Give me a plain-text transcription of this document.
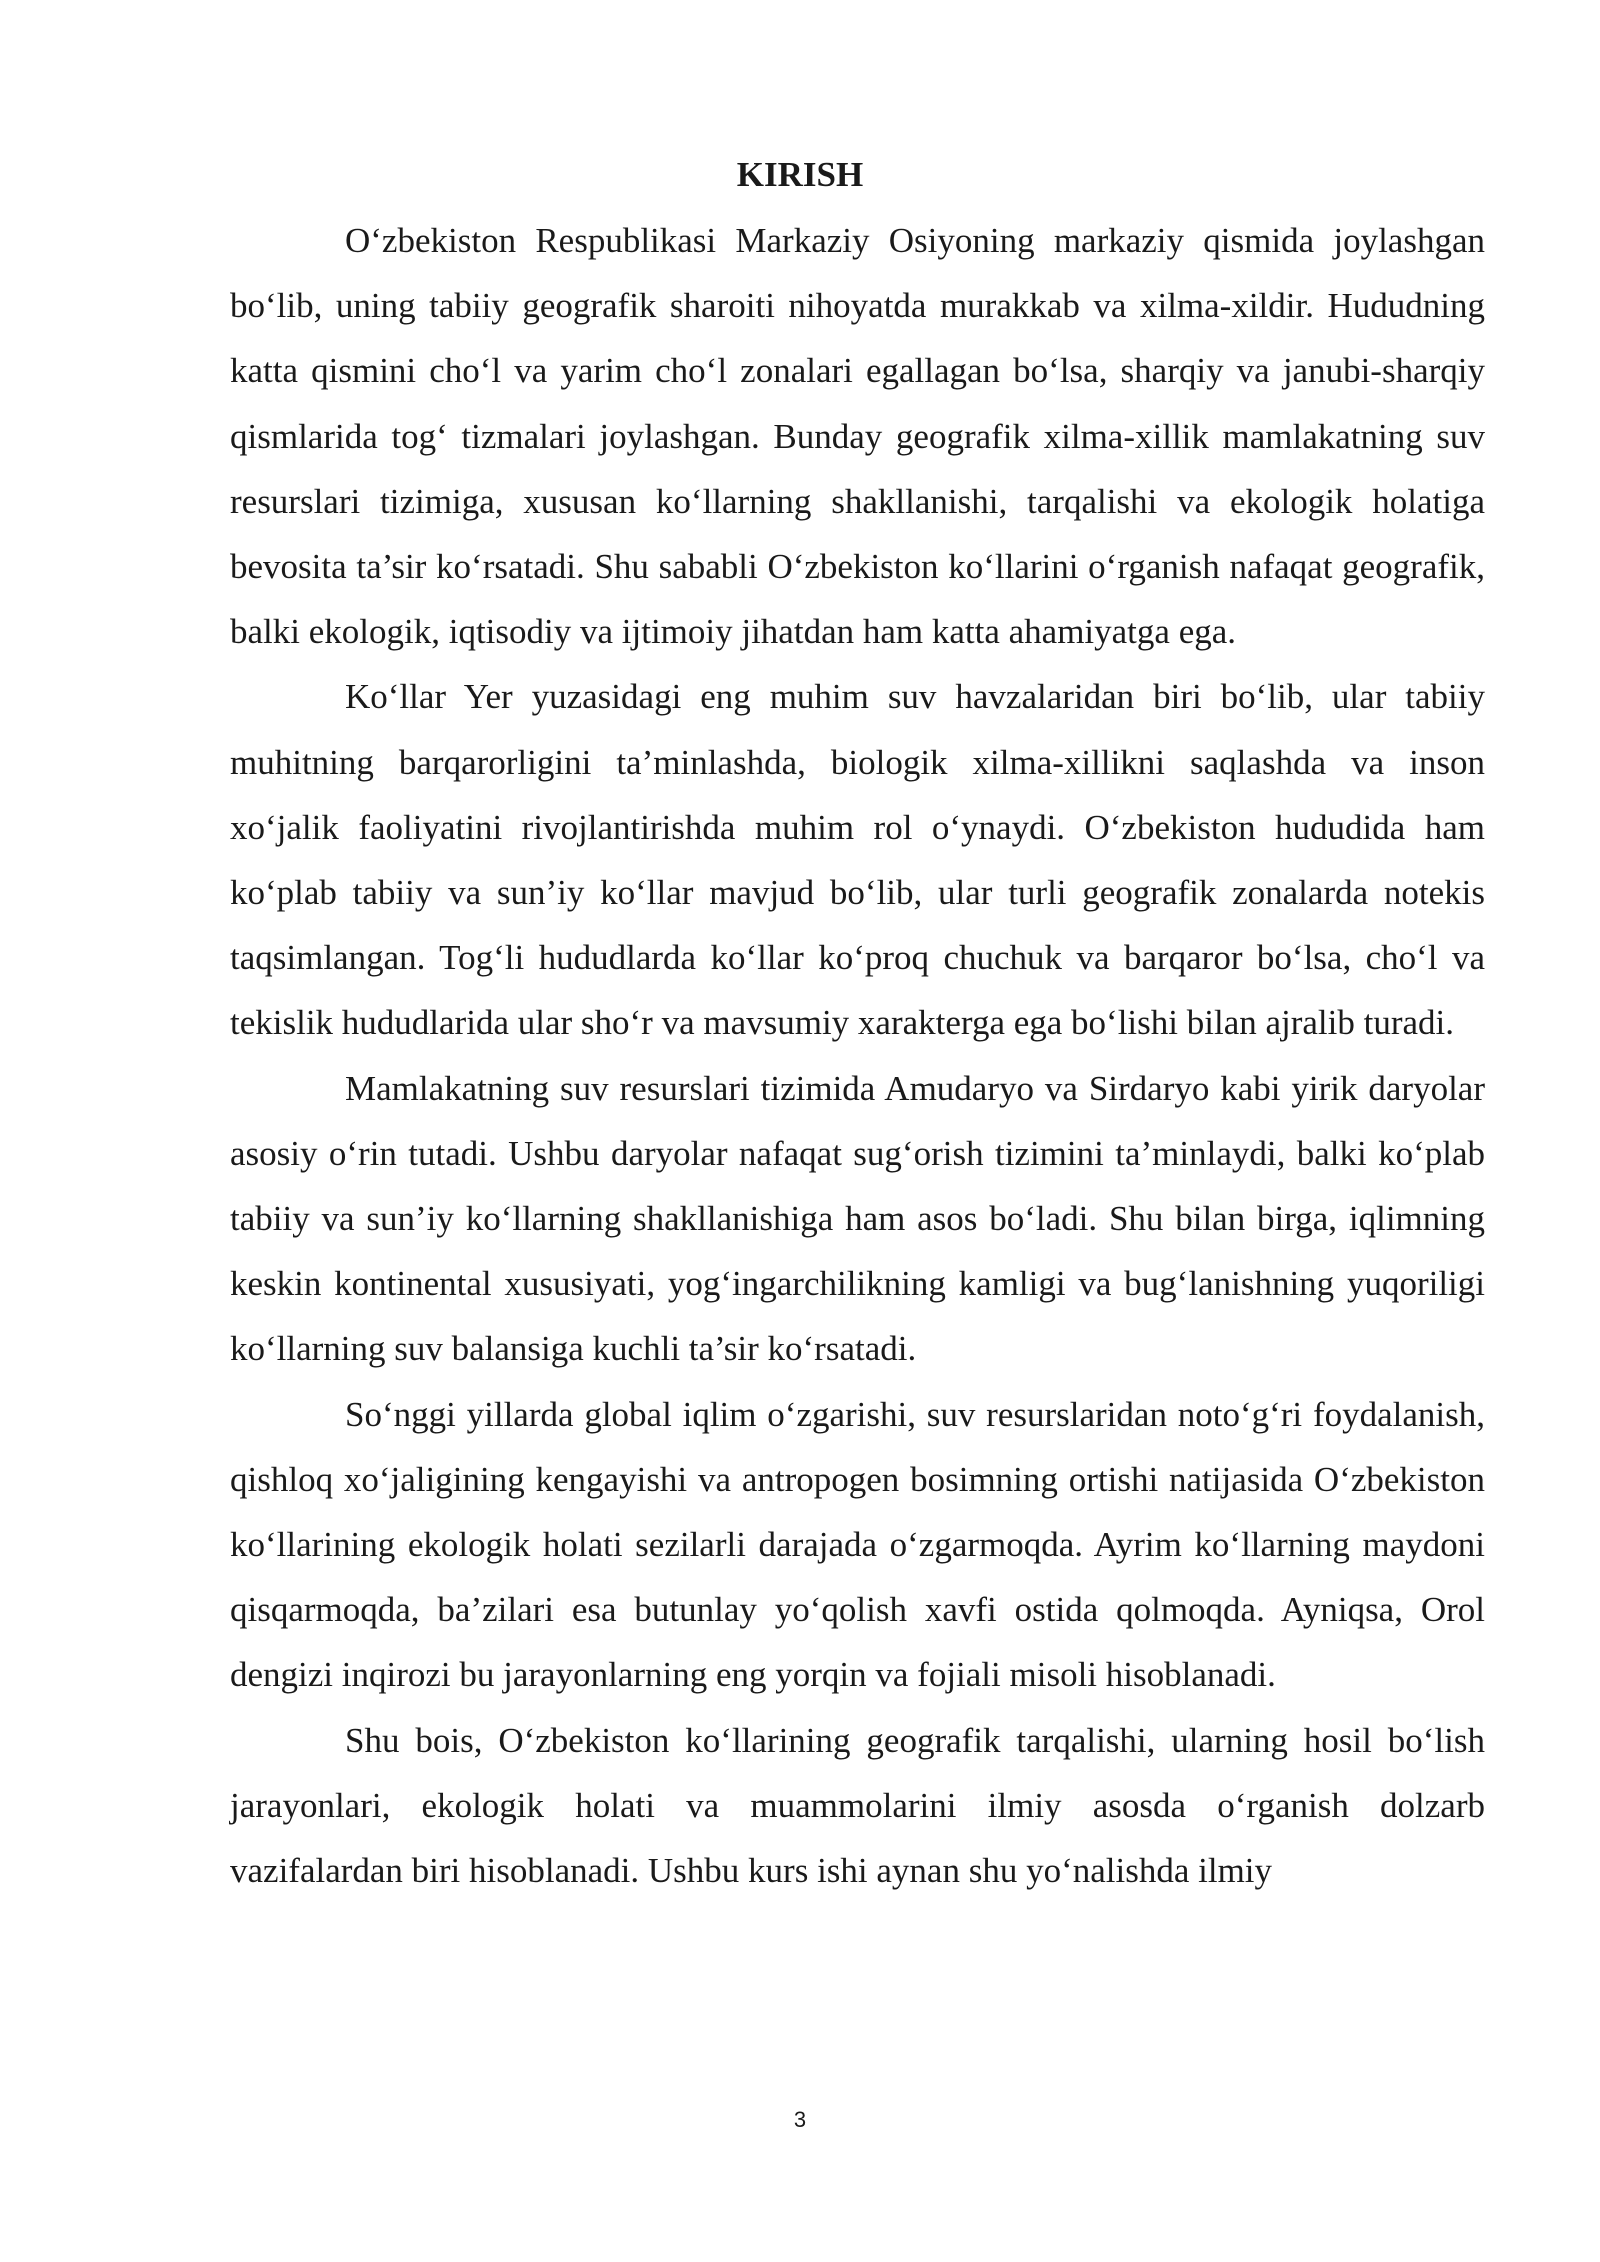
KIRISH

O‘zbekiston Respublikasi Markaziy Osiyoning markaziy qismida joylashgan bo‘lib, uning tabiiy geografik sharoiti nihoyatda murakkab va xilma-xildir. Hududning katta qismini cho‘l va yarim cho‘l zonalari egallagan bo‘lsa, sharqiy va janubi-sharqiy qismlarida tog‘ tizmalari joylashgan. Bunday geografik xilma-xillik mamlakatning suv resurslari tizimiga, xususan ko‘llarning shakllanishi, tarqalishi va ekologik holatiga bevosita ta’sir ko‘rsatadi. Shu sababli O‘zbekiston ko‘llarini o‘rganish nafaqat geografik, balki ekologik, iqtisodiy va ijtimoiy jihatdan ham katta ahamiyatga ega.

Ko‘llar Yer yuzasidagi eng muhim suv havzalaridan biri bo‘lib, ular tabiiy muhitning barqarorligini ta’minlashda, biologik xilma-xillikni saqlashda va inson xo‘jalik faoliyatini rivojlantirishda muhim rol o‘ynaydi. O‘zbekiston hududida ham ko‘plab tabiiy va sun’iy ko‘llar mavjud bo‘lib, ular turli geografik zonalarda notekis taqsimlangan. Tog‘li hududlarda ko‘llar ko‘proq chuchuk va barqaror bo‘lsa, cho‘l va tekislik hududlarida ular sho‘r va mavsumiy xarakterga ega bo‘lishi bilan ajralib turadi.

Mamlakatning suv resurslari tizimida Amudaryo va Sirdaryo kabi yirik daryolar asosiy o‘rin tutadi. Ushbu daryolar nafaqat sug‘orish tizimini ta’minlaydi, balki ko‘plab tabiiy va sun’iy ko‘llarning shakllanishiga ham asos bo‘ladi. Shu bilan birga, iqlimning keskin kontinental xususiyati, yog‘ingarchilikning kamligi va bug‘lanishning yuqoriligi ko‘llarning suv balansiga kuchli ta’sir ko‘rsatadi.

So‘nggi yillarda global iqlim o‘zgarishi, suv resurslaridan noto‘g‘ri foydalanish, qishloq xo‘jaligining kengayishi va antropogen bosimning ortishi natijasida O‘zbekiston ko‘llarining ekologik holati sezilarli darajada o‘zgarmoqda. Ayrim ko‘llarning maydoni qisqarmoqda, ba’zilari esa butunlay yo‘qolish xavfi ostida qolmoqda. Ayniqsa, Orol dengizi inqirozi bu jarayonlarning eng yorqin va fojiali misoli hisoblanadi.

Shu bois, O‘zbekiston ko‘llarining geografik tarqalishi, ularning hosil bo‘lish jarayonlari, ekologik holati va muammolarini ilmiy asosda o‘rganish dolzarb vazifalardan biri hisoblanadi. Ushbu kurs ishi aynan shu yo‘nalishda ilmiy

3
